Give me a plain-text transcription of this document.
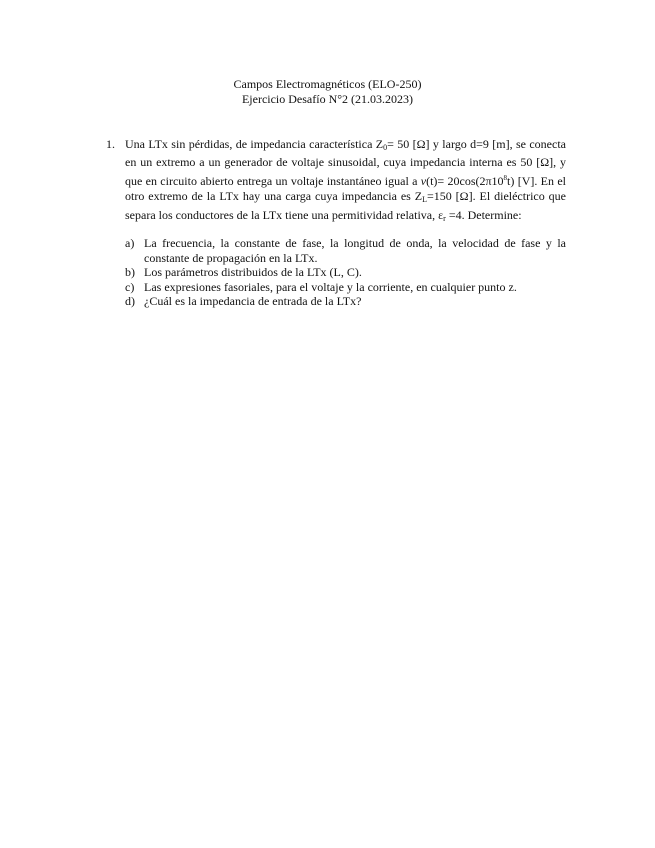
Campos Electromagnéticos (ELO-250)
Ejercicio Desafío N°2 (21.03.2023)
1. Una LTx sin pérdidas, de impedancia característica $Z_0= 50$ [Ω] y largo d=9 [m], se conecta en un extremo a un generador de voltaje sinusoidal, cuya impedancia interna es 50 [Ω], y que en circuito abierto entrega un voltaje instantáneo igual a $v(t)= 20\cos(2\pi 10^8t)$ [V]. En el otro extremo de la LTx hay una carga cuya impedancia es $Z_L=150$ [Ω]. El dieléctrico que separa los conductores de la LTx tiene una permitividad relativa, $\varepsilon_r =4$. Determine:
a) La frecuencia, la constante de fase, la longitud de onda, la velocidad de fase y la constante de propagación en la LTx.
b) Los parámetros distribuidos de la LTx (L, C).
c) Las expresiones fasoriales, para el voltaje y la corriente, en cualquier punto z.
d) ¿Cuál es la impedancia de entrada de la LTx?
